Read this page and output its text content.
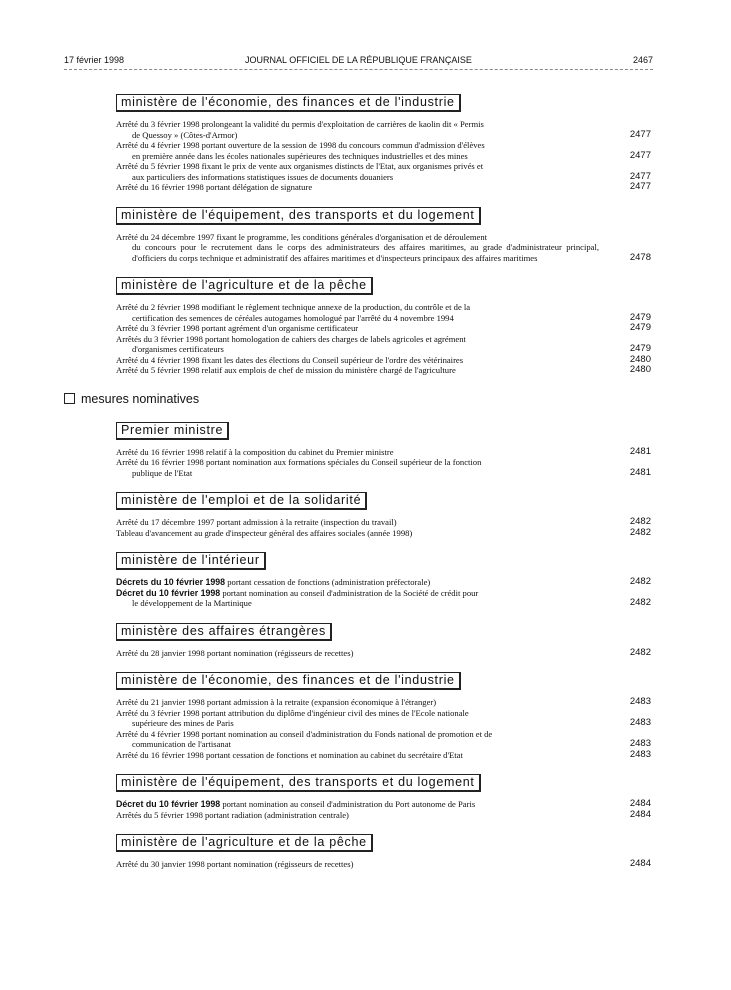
17 février 1998	JOURNAL OFFICIEL DE LA RÉPUBLIQUE FRANÇAISE	2467
ministère de l'économie, des finances et de l'industrie
Arrêté du 3 février 1998 prolongeant la validité du permis d'exploitation de carrières de kaolin dit « Permis
de Quessoy » (Côtes-d'Armor)	2477
Arrêté du 4 février 1998 portant ouverture de la session de 1998 du concours commun d'admission d'élèves
en première année dans les écoles nationales supérieures des techniques industrielles et des mines	2477
Arrêté du 5 février 1998 fixant le prix de vente aux organismes distincts de l'Etat, aux organismes privés et
aux particuliers des informations statistiques issues de documents douaniers	2477
Arrêté du 16 février 1998 portant délégation de signature	2477
ministère de l'équipement, des transports et du logement
Arrêté du 24 décembre 1997 fixant le programme, les conditions générales d'organisation et de déroulement
du concours pour le recrutement dans le corps des administrateurs des affaires maritimes, au grade d'administrateur principal, d'officiers du corps technique et administratif des affaires maritimes et d'inspecteurs principaux des affaires maritimes	2478
ministère de l'agriculture et de la pêche
Arrêté du 2 février 1998 modifiant le règlement technique annexe de la production, du contrôle et de la
certification des semences de céréales autogames homologué par l'arrêté du 4 novembre 1994	2479
Arrêté du 3 février 1998 portant agrément d'un organisme certificateur	2479
Arrêtés du 3 février 1998 portant homologation de cahiers des charges de labels agricoles et agrément
d'organismes certificateurs	2479
Arrêté du 4 février 1998 fixant les dates des élections du Conseil supérieur de l'ordre des vétérinaires	2480
Arrêté du 5 février 1998 relatif aux emplois de chef de mission du ministère chargé de l'agriculture	2480
mesures nominatives
Premier ministre
Arrêté du 16 février 1998 relatif à la composition du cabinet du Premier ministre	2481
Arrêté du 16 février 1998 portant nomination aux formations spéciales du Conseil supérieur de la fonction
publique de l'Etat	2481
ministère de l'emploi et de la solidarité
Arrêté du 17 décembre 1997 portant admission à la retraite (inspection du travail)	2482
Tableau d'avancement au grade d'inspecteur général des affaires sociales (année 1998)	2482
ministère de l'intérieur
Décrets du 10 février 1998 portant cessation de fonctions (administration préfectorale)	2482
Décret du 10 février 1998 portant nomination au conseil d'administration de la Société de crédit pour
le développement de la Martinique	2482
ministère des affaires étrangères
Arrêté du 28 janvier 1998 portant nomination (régisseurs de recettes)	2482
ministère de l'économie, des finances et de l'industrie
Arrêté du 21 janvier 1998 portant admission à la retraite (expansion économique à l'étranger)	2483
Arrêté du 3 février 1998 portant attribution du diplôme d'ingénieur civil des mines de l'Ecole nationale
supérieure des mines de Paris	2483
Arrêté du 4 février 1998 portant nomination au conseil d'administration du Fonds national de promotion et de
communication de l'artisanat	2483
Arrêté du 16 février 1998 portant cessation de fonctions et nomination au cabinet du secrétaire d'Etat	2483
ministère de l'équipement, des transports et du logement
Décret du 10 février 1998 portant nomination au conseil d'administration du Port autonome de Paris	2484
Arrêtés du 5 février 1998 portant radiation (administration centrale)	2484
ministère de l'agriculture et de la pêche
Arrêté du 30 janvier 1998 portant nomination (régisseurs de recettes)	2484
